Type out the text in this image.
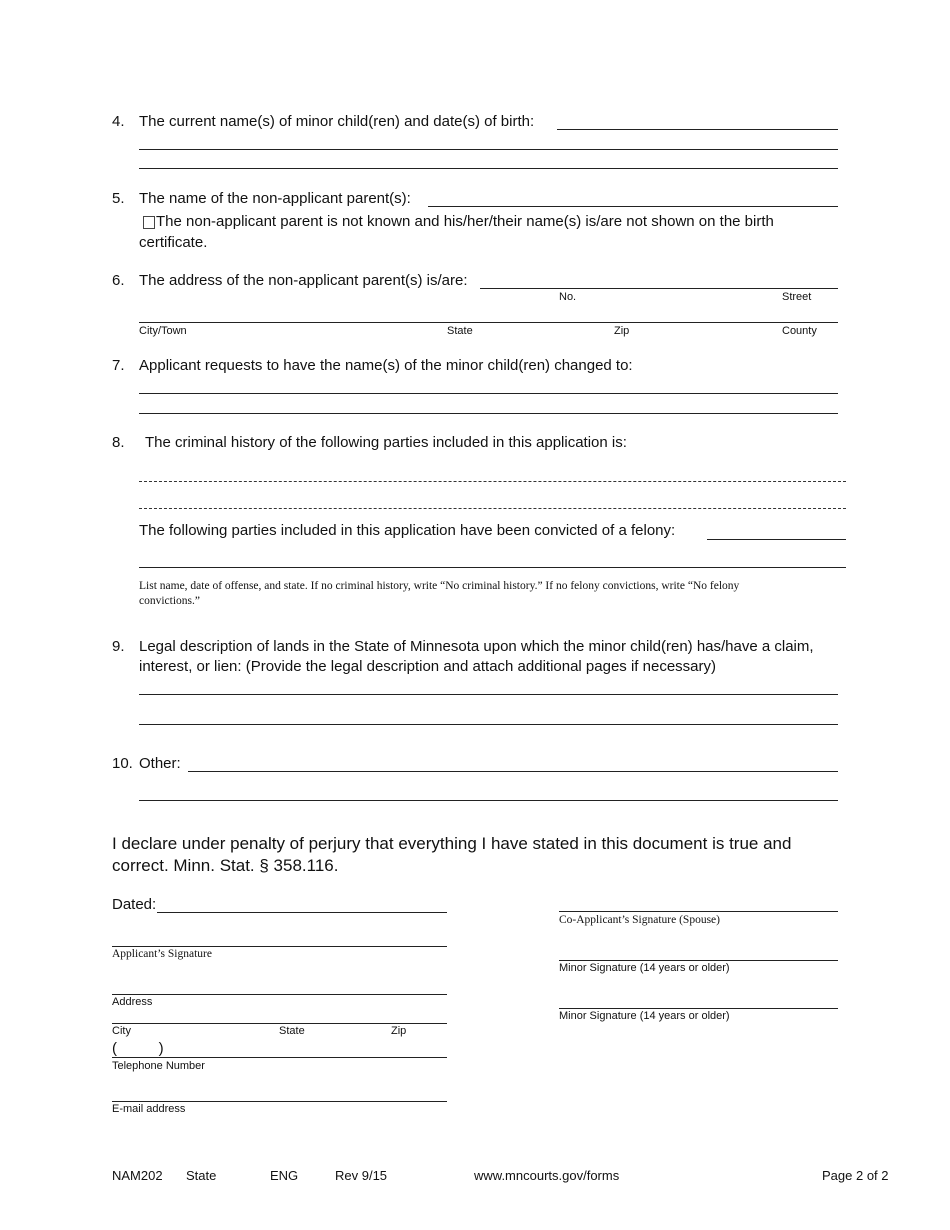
4. The current name(s) of minor child(ren) and date(s) of birth:
5. The name of the non-applicant parent(s):
The non-applicant parent is not known and his/her/their name(s) is/are not shown on the birth
certificate.
6. The address of the non-applicant parent(s) is/are:
No.	Street
City/Town	State	Zip	County
7. Applicant requests to have the name(s) of the minor child(ren) changed to:
8. The criminal history of the following parties included in this application is:
The following parties included in this application have been convicted of a felony:
List name, date of offense, and state. If no criminal history, write “No criminal history.” If no felony convictions, write “No felony
convictions.”
9. Legal description of lands in the State of Minnesota upon which the minor child(ren) has/have a claim,
interest, or lien: (Provide the legal description and attach additional pages if necessary)
10. Other:
I declare under penalty of perjury that everything I have stated in this document is true and
correct. Minn. Stat. § 358.116.
Dated:
Applicant’s Signature
Address
City	State	Zip
(          )
Telephone Number
E-mail address
Co-Applicant’s Signature (Spouse)
Minor Signature (14 years or older)
Minor Signature (14 years or older)
NAM202 State	ENG	Rev 9/15	www.mncourts.gov/forms	Page 2 of 2
